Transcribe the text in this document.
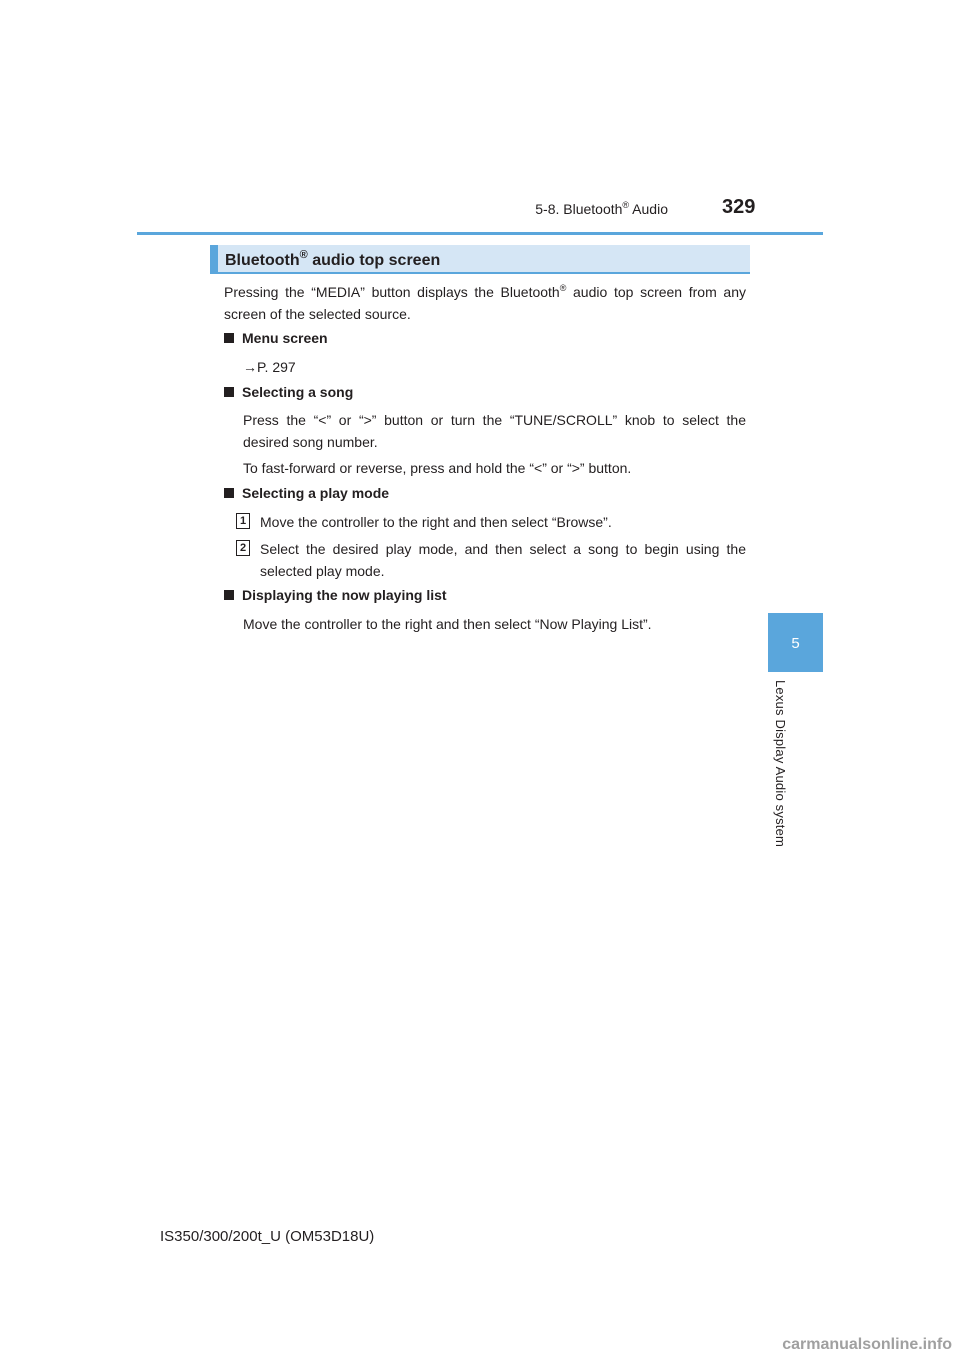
5-8. Bluetooth® Audio	329
5
Lexus Display Audio system
Bluetooth® audio top screen
Pressing the “MEDIA” button displays the Bluetooth® audio top screen from any screen of the selected source.
Menu screen
→P. 297
Selecting a song
Press the “<” or “>” button or turn the “TUNE/SCROLL” knob to select the desired song number.
To fast-forward or reverse, press and hold the “<” or “>” button.
Selecting a play mode
1 Move the controller to the right and then select “Browse”.
2 Select the desired play mode, and then select a song to begin using the selected play mode.
Displaying the now playing list
Move the controller to the right and then select “Now Playing List”.
IS350/300/200t_U (OM53D18U)
carmanualsonline.info
